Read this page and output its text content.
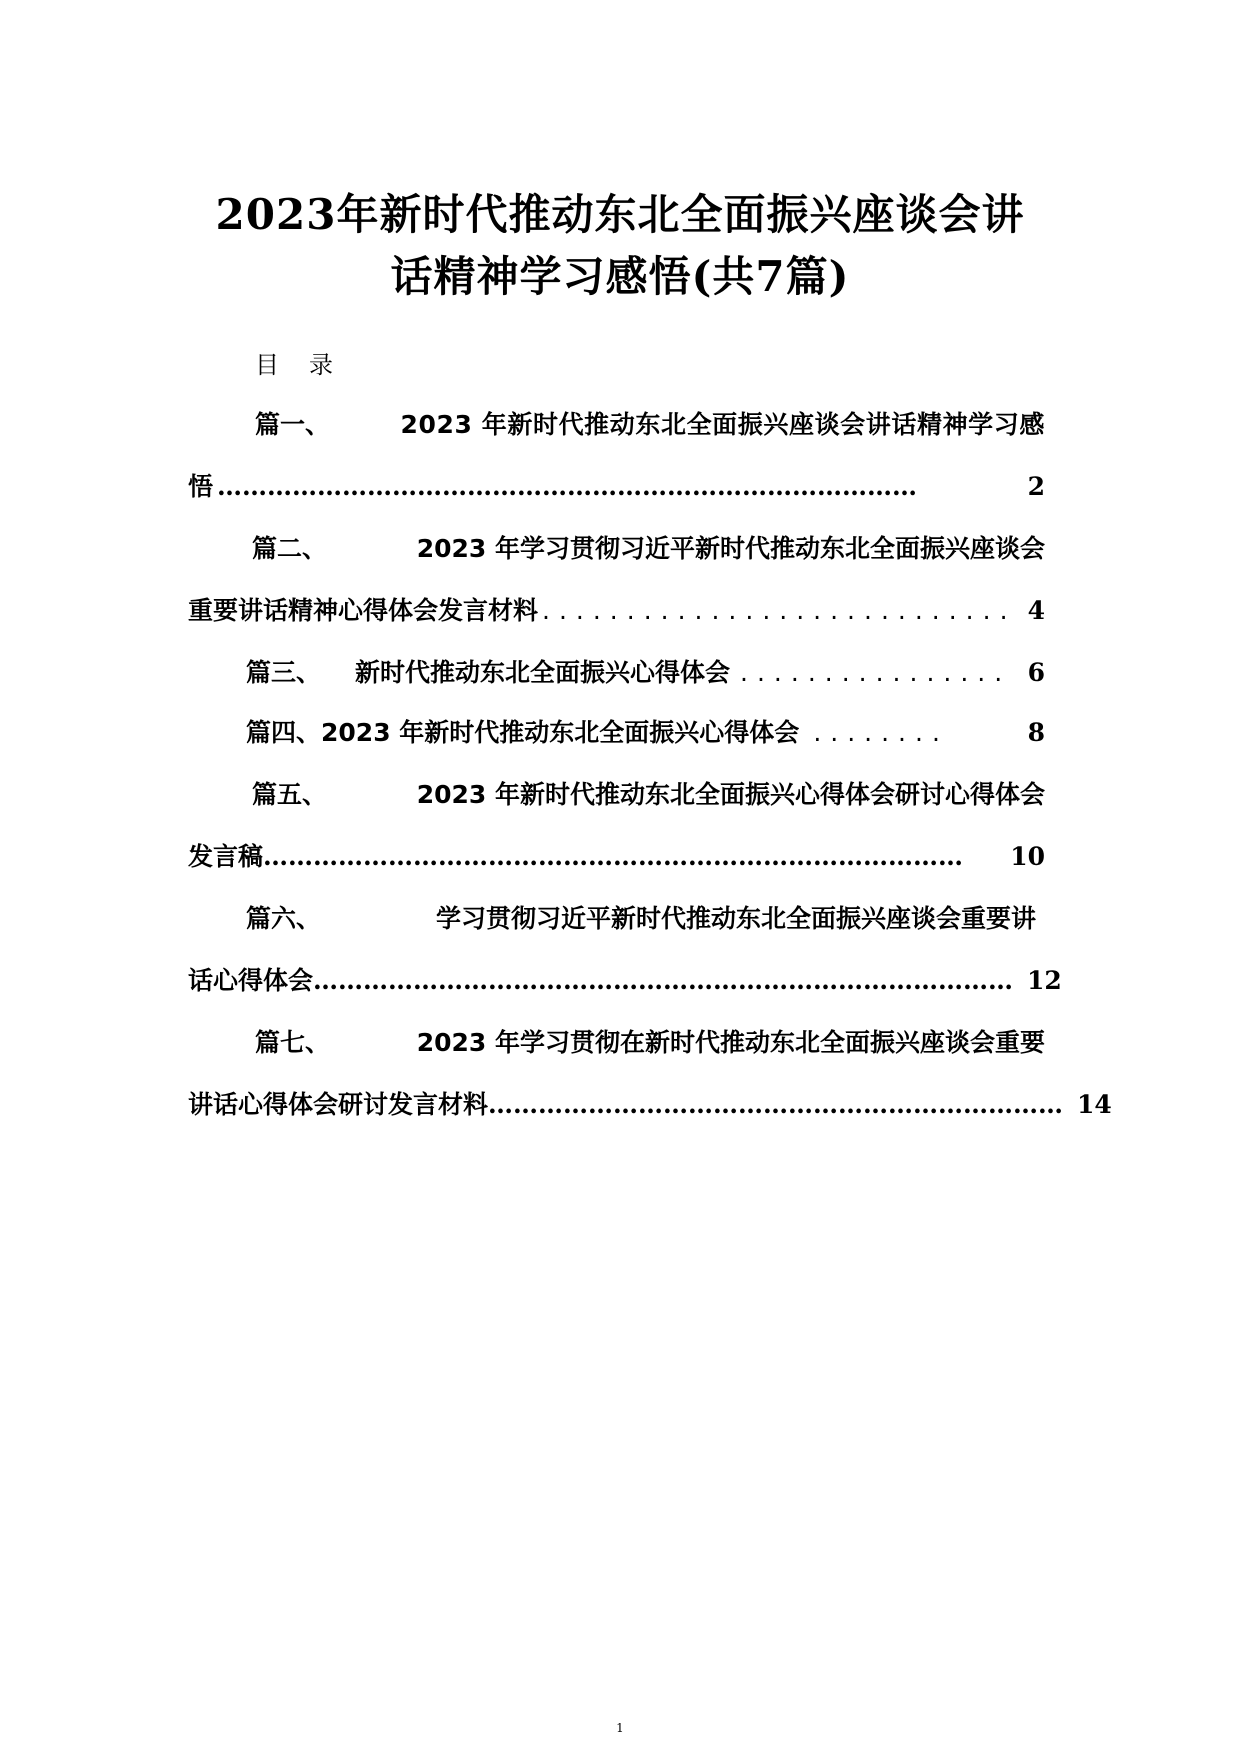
2023年新时代推动东北全面振兴座谈会讲
话精神学习感悟(共7篇)
目录
篇一、	2023 年新时代推动东北全面振兴座谈会讲话精神学习感
悟 …………………………………………………………………………	2
篇二、	2023 年学习贯彻习近平新时代推动东北全面振兴座谈会
重要讲话精神心得体会发言材料 ............................ 4
篇三、 新时代推动东北全面振兴心得体会 ................ 6
篇四、 2023 年新时代推动东北全面振兴心得体会 ........	8
篇五、	2023 年新时代推动东北全面振兴心得体会研讨心得体会
发言稿 …………………………………………………………………………	10
篇六、	学习贯彻习近平新时代推动东北全面振兴座谈会重要讲
话心得体会 ………………………………………………………………………… 12
篇七、	2023 年学习贯彻在新时代推动东北全面振兴座谈会重要
讲话心得体会研讨发言材料 …………………………………………………………… 14
1
